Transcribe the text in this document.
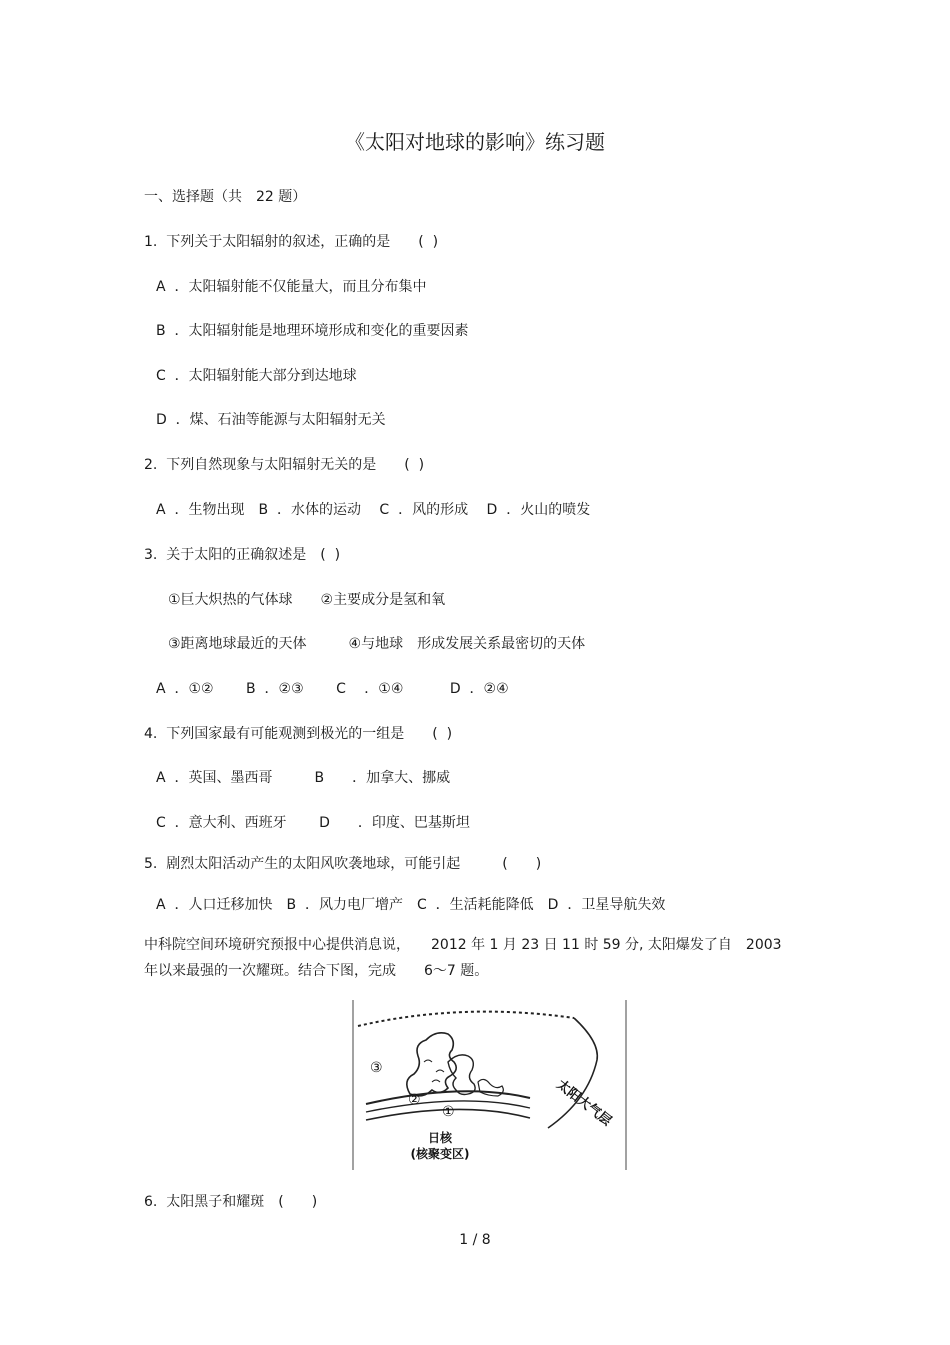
《太阳对地球的影响》练习题
一、选择题（共　22 题）
1.  下列关于太阳辐射的叙述，正确的是　　(  )
A  ．太阳辐射能不仅能量大，而且分布集中
B  ．太阳辐射能是地理环境形成和变化的重要因素
C  ．太阳辐射能大部分到达地球
D  ．煤、石油等能源与太阳辐射无关
2.  下列自然现象与太阳辐射无关的是　　(  )
A  ．生物出现　B  ．水体的运动　 C  ．风的形成　 D  ．火山的喷发
3.  关于太阳的正确叙述是　(  )
①巨大炽热的气体球　　②主要成分是氢和氧
③距离地球最近的天体　　　④与地球　形成发展关系最密切的天体
A  ．①②　　 B  ．②③　　 C　 ．①④　　　 D  ．②④
4.  下列国家最有可能观测到极光的一组是　　(  )
A  ．英国、墨西哥　　　B　　．加拿大、挪威
C  ．意大利、西班牙　　 D　　．印度、巴基斯坦
5.  剧烈太阳活动产生的太阳风吹袭地球，可能引起　　　(　　)
A  ．人口迁移加快　B  ．风力电厂增产　C  ．生活耗能降低　D  ．卫星导航失效
中科院空间环境研究预报中心提供消息说，　　2012 年 1 月 23 日 11 时 59 分, 太阳爆发了自　2003
年以来最强的一次耀斑。结合下图，完成　　6～7 题。
③
②
①	太阳大气层
日核
(核聚变区)
6.  太阳黑子和耀斑　(　　)
1 / 8
